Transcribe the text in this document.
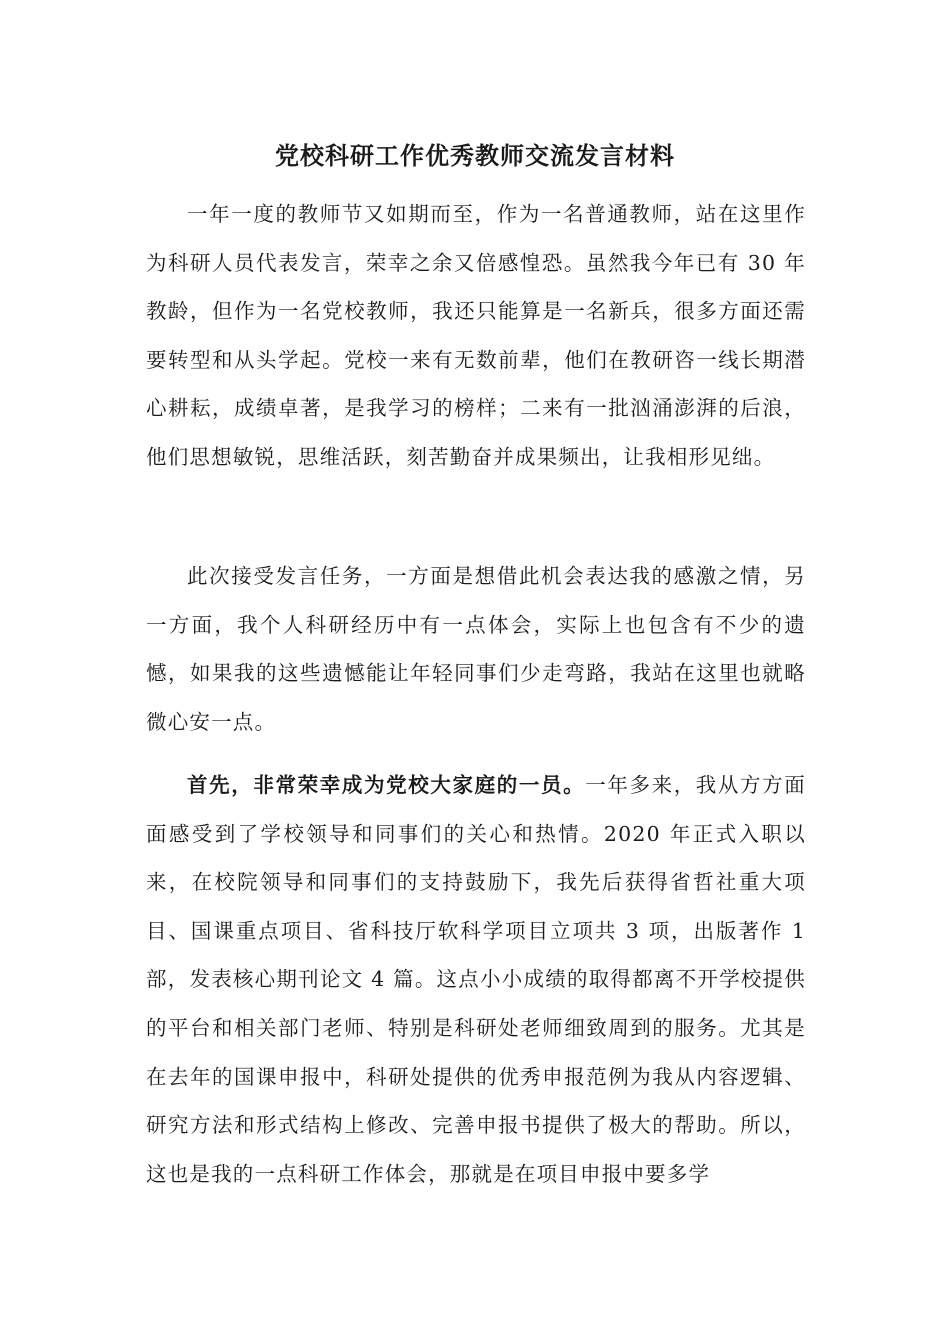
党校科研工作优秀教师交流发言材料

一年一度的教师节又如期而至，作为一名普通教师，站在这里作为科研人员代表发言，荣幸之余又倍感惶恐。虽然我今年已有 30 年教龄，但作为一名党校教师，我还只能算是一名新兵，很多方面还需要转型和从头学起。党校一来有无数前辈，他们在教研咨一线长期潜心耕耘，成绩卓著，是我学习的榜样；二来有一批汹涌澎湃的后浪，他们思想敏锐，思维活跃，刻苦勤奋并成果频出，让我相形见绌。

此次接受发言任务，一方面是想借此机会表达我的感激之情，另一方面，我个人科研经历中有一点体会，实际上也包含有不少的遗憾，如果我的这些遗憾能让年轻同事们少走弯路，我站在这里也就略微心安一点。

首先，非常荣幸成为党校大家庭的一员。一年多来，我从方方面面感受到了学校领导和同事们的关心和热情。2020 年正式入职以来，在校院领导和同事们的支持鼓励下，我先后获得省哲社重大项目、国课重点项目、省科技厅软科学项目立项共 3 项，出版著作 1 部，发表核心期刊论文 4 篇。这点小小成绩的取得都离不开学校提供的平台和相关部门老师、特别是科研处老师细致周到的服务。尤其是在去年的国课申报中，科研处提供的优秀申报范例为我从内容逻辑、研究方法和形式结构上修改、完善申报书提供了极大的帮助。所以，这也是我的一点科研工作体会，那就是在项目申报中要多学
